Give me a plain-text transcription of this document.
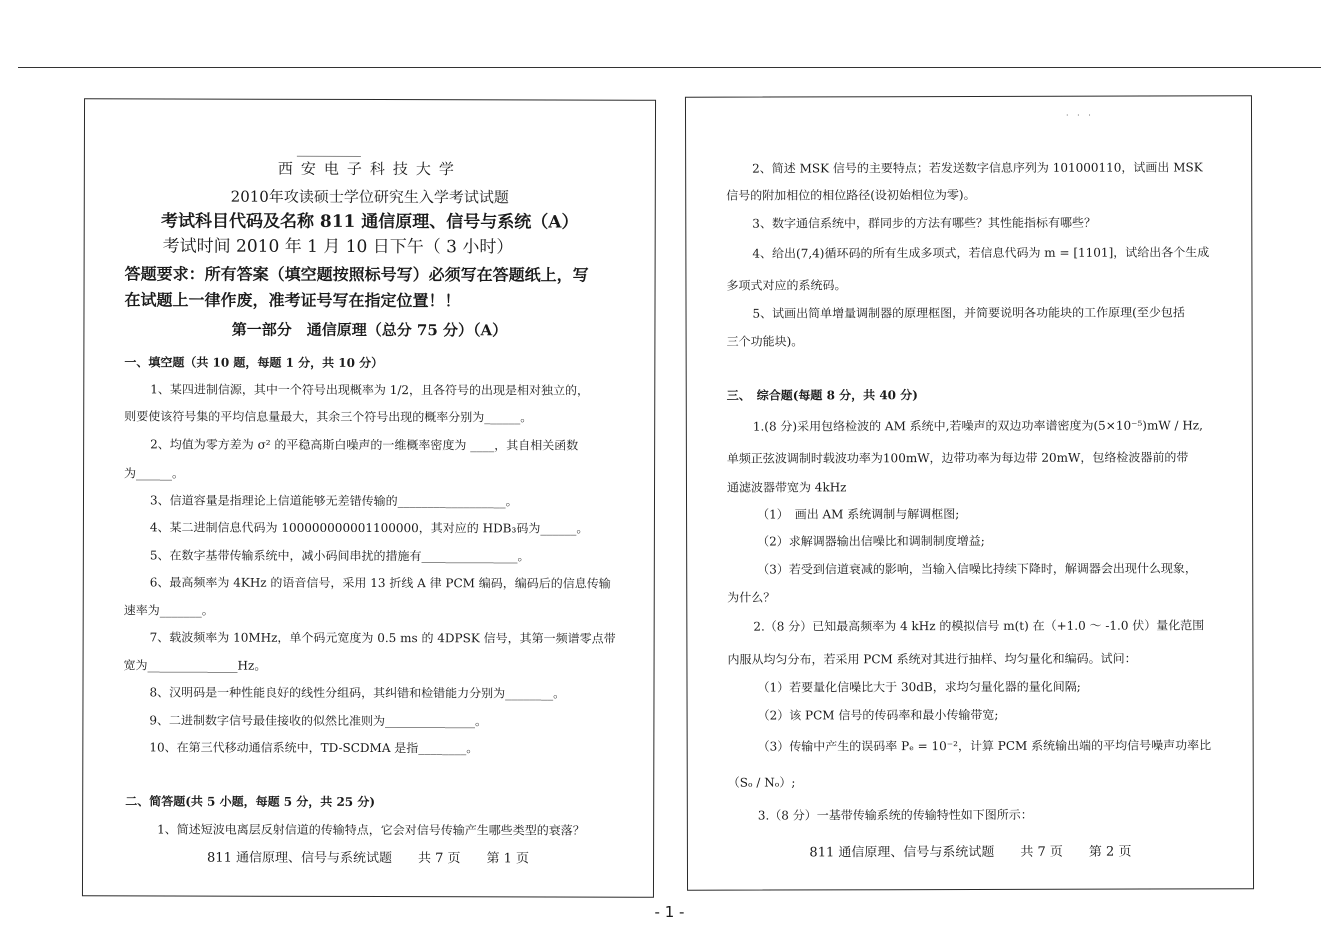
西安电子科技大学
2010年攻读硕士学位研究生入学考试试题
考试科目代码及名称 811 通信原理、信号与系统（A）
考试时间 2010 年 1 月 10 日下午（ 3 小时）
答题要求：所有答案（填空题按照标号写）必须写在答题纸上，写
在试题上一律作废，准考证号写在指定位置！！
第一部分　通信原理（总分 75 分）（A）
一、填空题（共 10 题，每题 1 分，共 10 分）
1、某四进制信源，其中一个符号出现概率为 1/2，且各符号的出现是相对独立的，
则要使该符号集的平均信息量最大，其余三个符号出现的概率分别为______。
2、均值为零方差为 σ² 的平稳高斯白噪声的一维概率密度为 ____，其自相关函数
为______。
3、信道容量是指理论上信道能够无差错传输的__________________。
4、某二进制信息代码为 100000000001100000，其对应的 HDB₃码为______。
5、在数字基带传输系统中，减小码间串扰的措施有________________。
6、最高频率为 4KHz 的语音信号，采用 13 折线 A 律 PCM 编码，编码后的信息传输
速率为_______。
7、载波频率为 10MHz，单个码元宽度为 0.5 ms 的 4DPSK 信号，其第一频谱零点带
宽为_______________Hz。
8、汉明码是一种性能良好的线性分组码，其纠错和检错能力分别为________。
9、二进制数字信号最佳接收的似然比准则为_______________。
10、在第三代移动通信系统中，TD-SCDMA 是指________。
二、简答题(共 5 小题，每题 5 分，共 25 分)
1、简述短波电离层反射信道的传输特点，它会对信号传输产生哪些类型的衰落？
811 通信原理、信号与系统试题　　共 7 页　　第 1 页
· · ·
2、简述 MSK 信号的主要特点；若发送数字信息序列为 101000110，试画出 MSK
信号的附加相位的相位路径(设初始相位为零)。
3、数字通信系统中，群同步的方法有哪些？其性能指标有哪些？
4、给出(7,4)循环码的所有生成多项式，若信息代码为 m = [1101]，试给出各个生成
多项式对应的系统码。
5、试画出简单增量调制器的原理框图，并简要说明各功能块的工作原理(至少包括
三个功能块)。
三、　综合题(每题 8 分，共 40 分)
1.(8 分)采用包络检波的 AM 系统中,若噪声的双边功率谱密度为(5×10⁻⁵)mW / Hz,
单频正弦波调制时载波功率为100mW，边带功率为每边带 20mW，包络检波器前的带
通滤波器带宽为 4kHz
（1）　画出 AM 系统调制与解调框图;
（2）求解调器输出信噪比和调制制度增益;
（3）若受到信道衰减的影响，当输入信噪比持续下降时，解调器会出现什么现象，
为什么？
2.（8 分）已知最高频率为 4 kHz 的模拟信号 m(t) 在（+1.0 ～ -1.0 伏）量化范围
内服从均匀分布，若采用 PCM 系统对其进行抽样、均匀量化和编码。试问：
（1）若要量化信噪比大于 30dB，求均匀量化器的量化间隔;
（2）该 PCM 信号的传码率和最小传输带宽;
（3）传输中产生的误码率 Pₑ = 10⁻²，计算 PCM 系统输出端的平均信号噪声功率比
（Sₒ / Nₒ）;
3.（8 分）一基带传输系统的传输特性如下图所示：
811 通信原理、信号与系统试题　　共 7 页　　第 2 页
- 1 -
